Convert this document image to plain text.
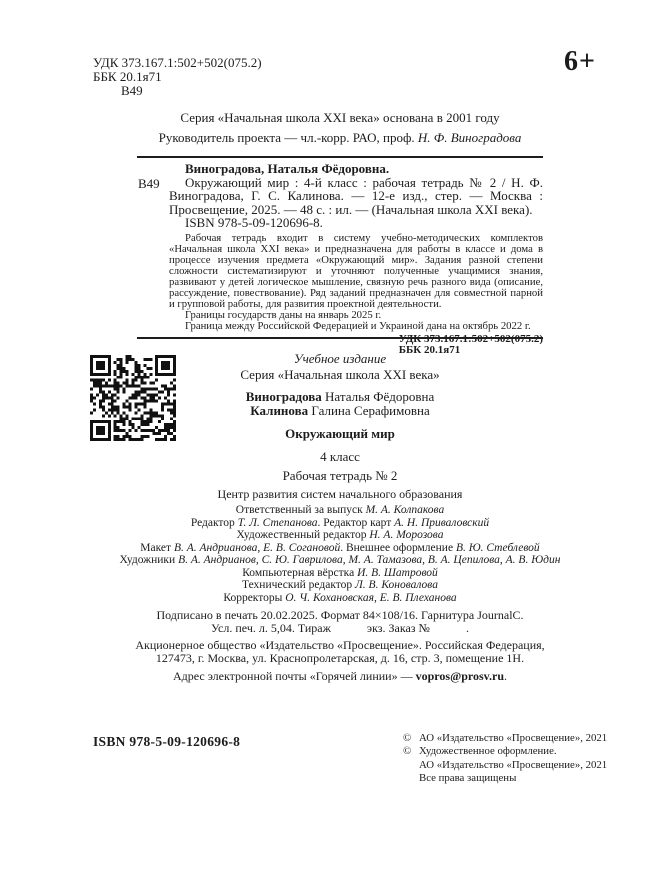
УДК 373.167.1:502+502(075.2)
ББК 20.1я71
В49
6+
Серия «Начальная школа XXI века» основана в 2001 году
Руководитель проекта — чл.-корр. РАО, проф. Н. Ф. Виноградова
В49
Виноградова, Наталья Фёдоровна.
Окружающий мир : 4-й класс : рабочая тетрадь № 2 / Н. Ф. Виноградова, Г. С. Калинова. — 12-е изд., стер. — Москва : Просвещение, 2025. — 48 с. : ил. — (Начальная школа XXI века).
ISBN 978-5-09-120696-8.
Рабочая тетрадь входит в систему учебно-методических комплектов «Начальная школа XXI века» и предназначена для работы в классе и дома в процессе изучения предмета «Окружающий мир». Задания разной степени сложности систематизируют и уточняют полученные учащимися знания, развивают у детей логическое мышление, связную речь разного вида (описание, рассуждение, повествование). Ряд заданий предназначен для совместной парной и групповой работы, для развития проектной деятельности.
Границы государств даны на январь 2025 г.
Граница между Российской Федерацией и Украиной дана на октябрь 2022 г.
ББК 20.1я71
Учебное издание
Серия «Начальная школа XXI века»
Виноградова Наталья Фёдоровна
Калинова Галина Серафимовна
Окружающий мир
4 класс
Рабочая тетрадь № 2
Центр развития систем начального образования
Ответственный за выпуск М. А. Колпакова
Редактор Т. Л. Степанова. Редактор карт А. Н. Приваловский
Художественный редактор Н. А. Морозова
Макет В. А. Андрианова, Е. В. Согановой. Внешнее оформление В. Ю. Стеблевой
Художники В. А. Андрианов, С. Ю. Гаврилова, М. А. Тамазова, В. А. Цепилова, А. В. Юдин
Компьютерная вёрстка И. В. Шатровой
Технический редактор Л. В. Коновалова
Корректоры О. Ч. Кохановская, Е. В. Плеханова
Подписано в печать 20.02.2025. Формат 84×108/16. Гарнитура JournalC.
Усл. печ. л. 5,04. Тираж            экз. Заказ №            .
Акционерное общество «Издательство «Просвещение». Российская Федерация,
127473, г. Москва, ул. Краснопролетарская, д. 16, стр. 3, помещение 1Н.
Адрес электронной почты «Горячей линии» — vopros@prosv.ru.
ISBN 978-5-09-120696-8	© АО «Издательство «Просвещение», 2021
© Художественное оформление.
АО «Издательство «Просвещение», 2021
Все права защищены
